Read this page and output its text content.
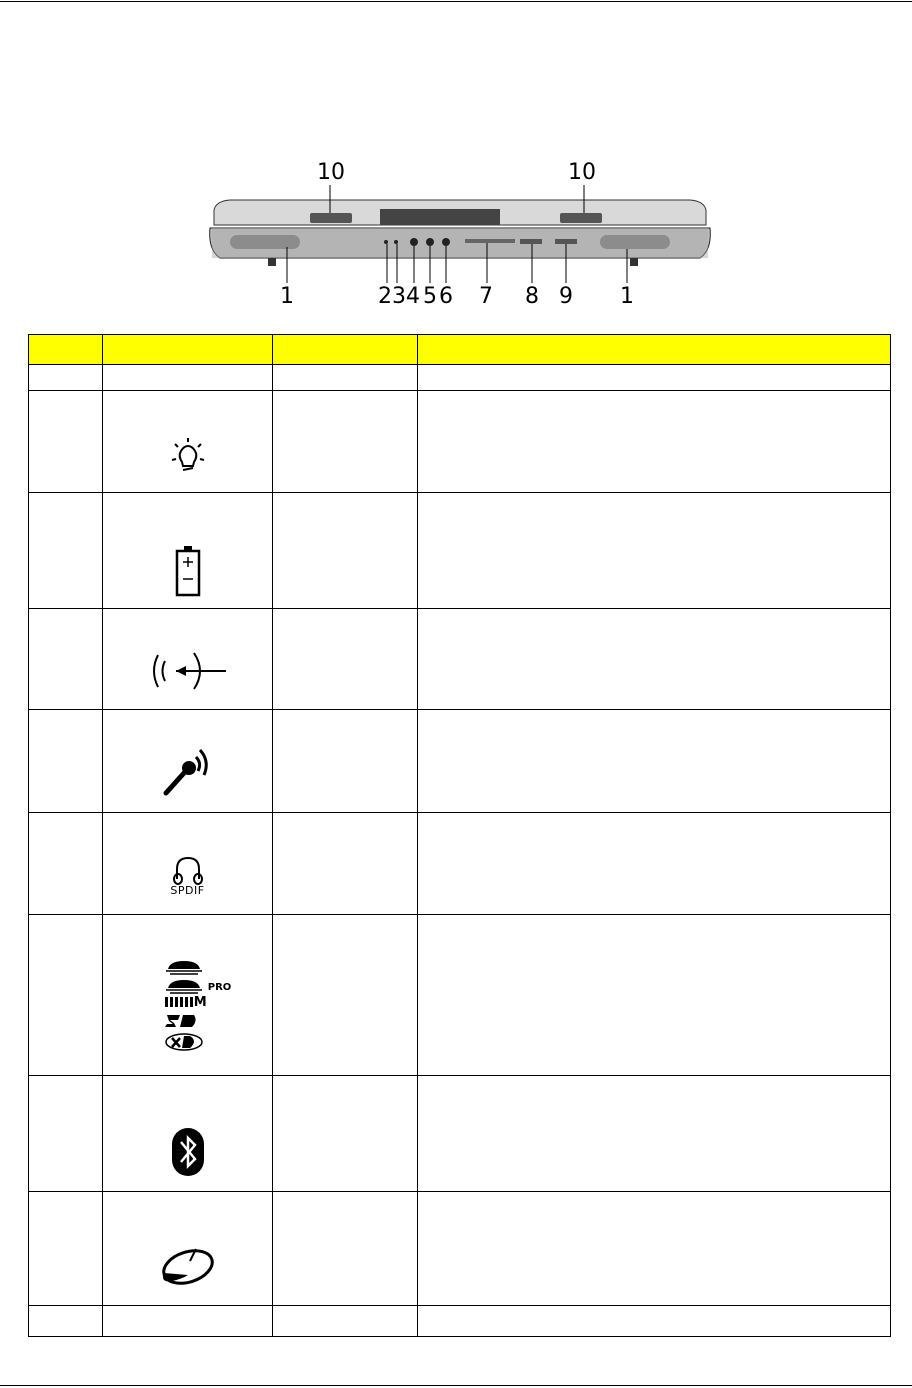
10	10
1	2 3 4 5 6 7 8 9 1

	SPDIF		

	PRO
M		
